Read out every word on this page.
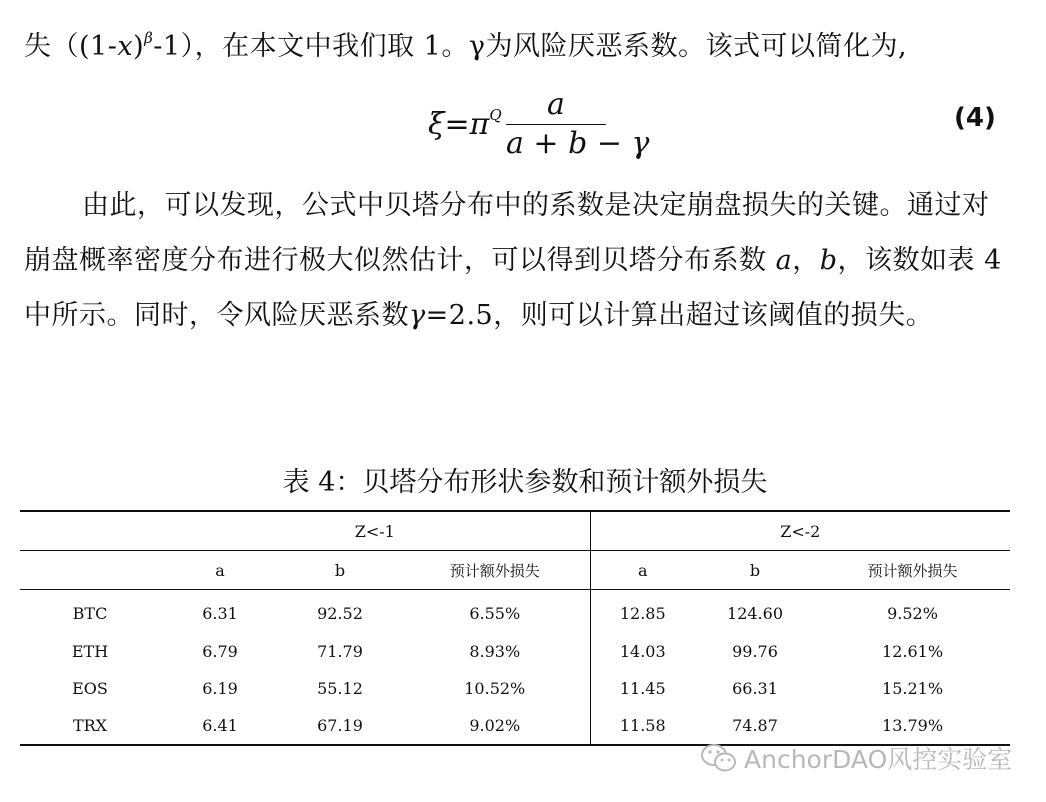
失$((1-x)^\beta-1)$，在本文中我们取 1。γ为风险厌恶系数。该式可以简化为,
$\xi=\pi^Q$	a
a + b − γ
(4)
由此，可以发现，公式中贝塔分布中的系数是决定崩盘损失的关键。通过对
崩盘概率密度分布进行极大似然估计，可以得到贝塔分布系数 a，b，该数如表 4
中所示。同时，令风险厌恶系数γ=2.5，则可以计算出超过该阈值的损失。
表 4：贝塔分布形状参数和预计额外损失
	Z<-1			Z<-2		
	a	b	预计额外损失	a	b	预计额外损失
BTC	6.31	92.52	6.55%	12.85	124.60	9.52%
ETH	6.79	71.79	8.93%	14.03	99.76	12.61%
EOS	6.19	55.12	10.52%	11.45	66.31	15.21%
TRX	6.41	67.19	9.02%	11.58	74.87	13.79%
AnchorDAO风控实验室
